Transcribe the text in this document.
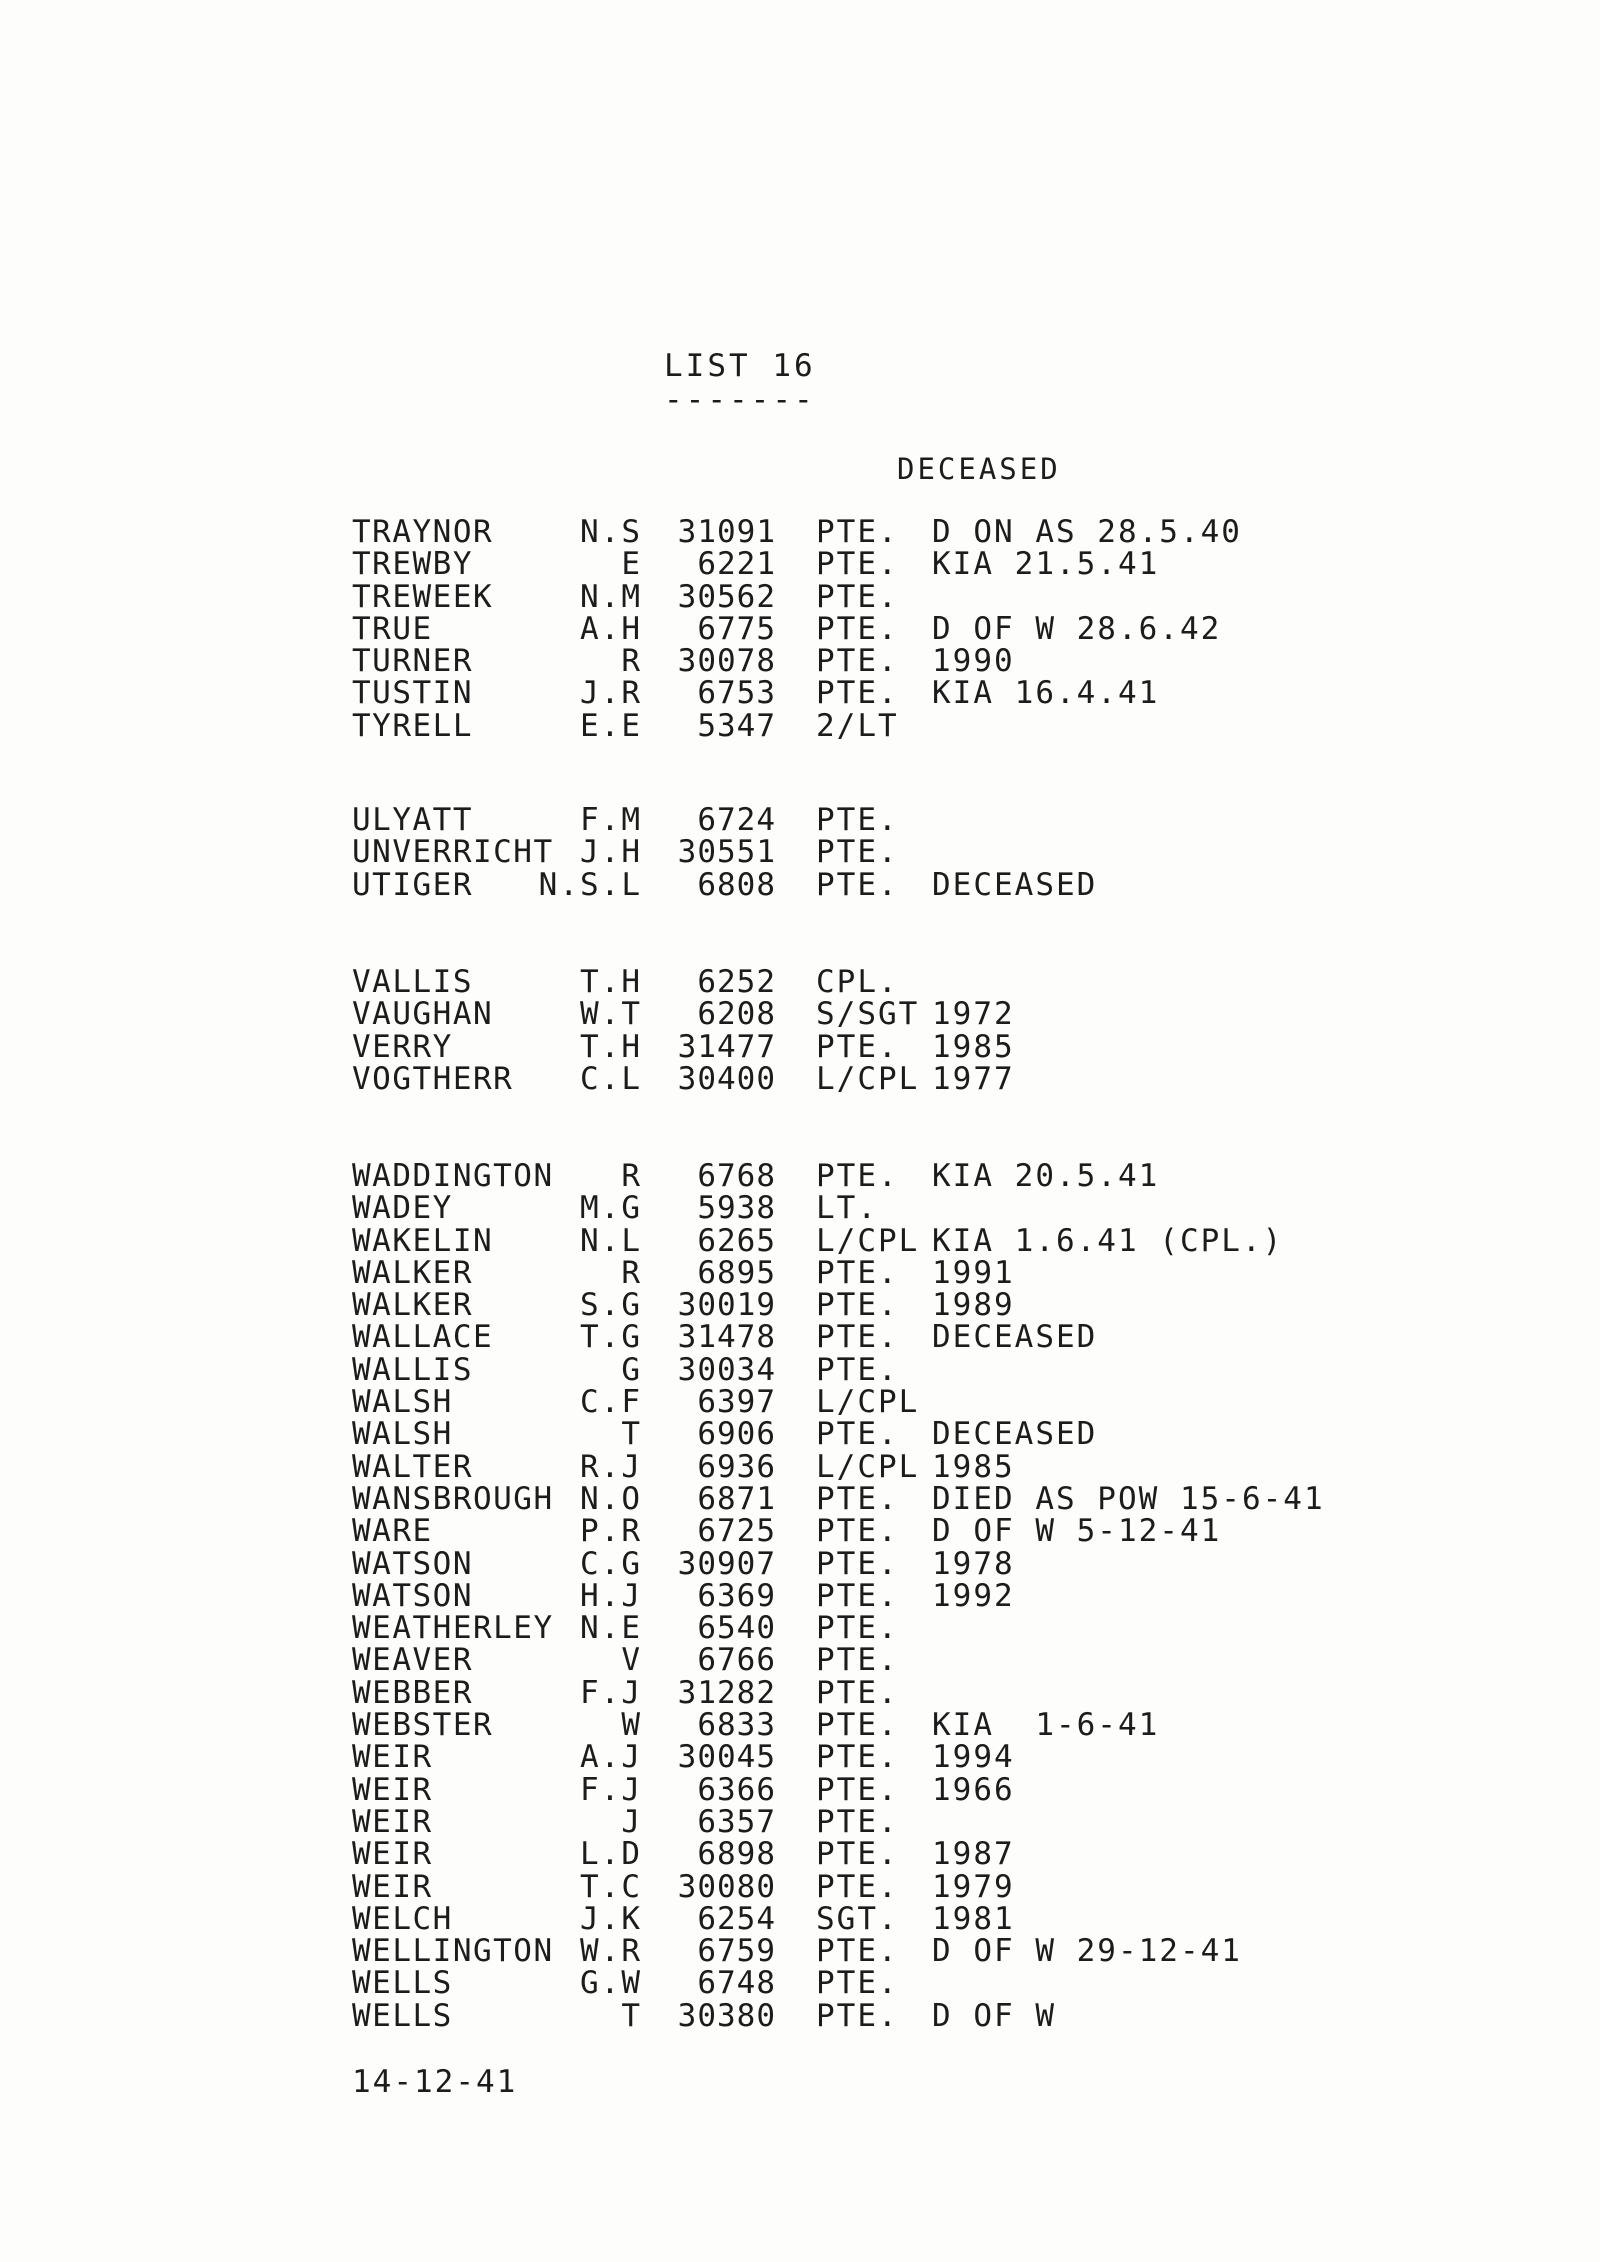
LIST 16
-------
DECEASED
TRAYNOR	N.S 31091 PTE. D ON AS 28.5.40
TREWBY	E 6221 PTE. KIA 21.5.41
TREWEEK	N.M 30562 PTE.
TRUE	A.H 6775 PTE. D OF W 28.6.42
TURNER	R 30078 PTE. 1990
TUSTIN	J.R 6753 PTE. KIA 16.4.41
TYRELL	E.E 5347 2/LT
ULYATT	F.M 6724 PTE.
UNVERRICHT J.H 30551 PTE.
UTIGER N.S.L 6808 PTE. DECEASED
VALLIS	T.H 6252 CPL.
VAUGHAN	W.T 6208 S/SGT 1972
VERRY	T.H 31477 PTE. 1985
VOGTHERR C.L 30400 L/CPL 1977
WADDINGTON R 6768 PTE. KIA 20.5.41
WADEY	M.G 5938 LT.
WAKELIN	N.L 6265 L/CPL KIA 1.6.41 (CPL.)
WALKER	R 6895 PTE. 1991
WALKER	S.G 30019 PTE. 1989
WALLACE	T.G 31478 PTE. DECEASED
WALLIS	G 30034 PTE.
WALSH	C.F 6397 L/CPL
WALSH	T 6906 PTE. DECEASED
WALTER	R.J 6936 L/CPL 1985
WANSBROUGH N.O 6871 PTE. DIED AS POW 15-6-41
WARE	P.R 6725 PTE. D OF W 5-12-41
WATSON	C.G 30907 PTE. 1978
WATSON	H.J 6369 PTE. 1992
WEATHERLEY N.E 6540 PTE.
WEAVER	V 6766 PTE.
WEBBER	F.J 31282 PTE.
WEBSTER	W 6833 PTE. KIA  1-6-41
WEIR	A.J 30045 PTE. 1994
WEIR	F.J 6366 PTE. 1966
WEIR	J 6357 PTE.
WEIR	L.D 6898 PTE. 1987
WEIR	T.C 30080 PTE. 1979
WELCH	J.K 6254 SGT. 1981
WELLINGTON W.R 6759 PTE. D OF W 29-12-41
WELLS	G.W 6748 PTE.
WELLS	T 30380 PTE. D OF W
14-12-41
